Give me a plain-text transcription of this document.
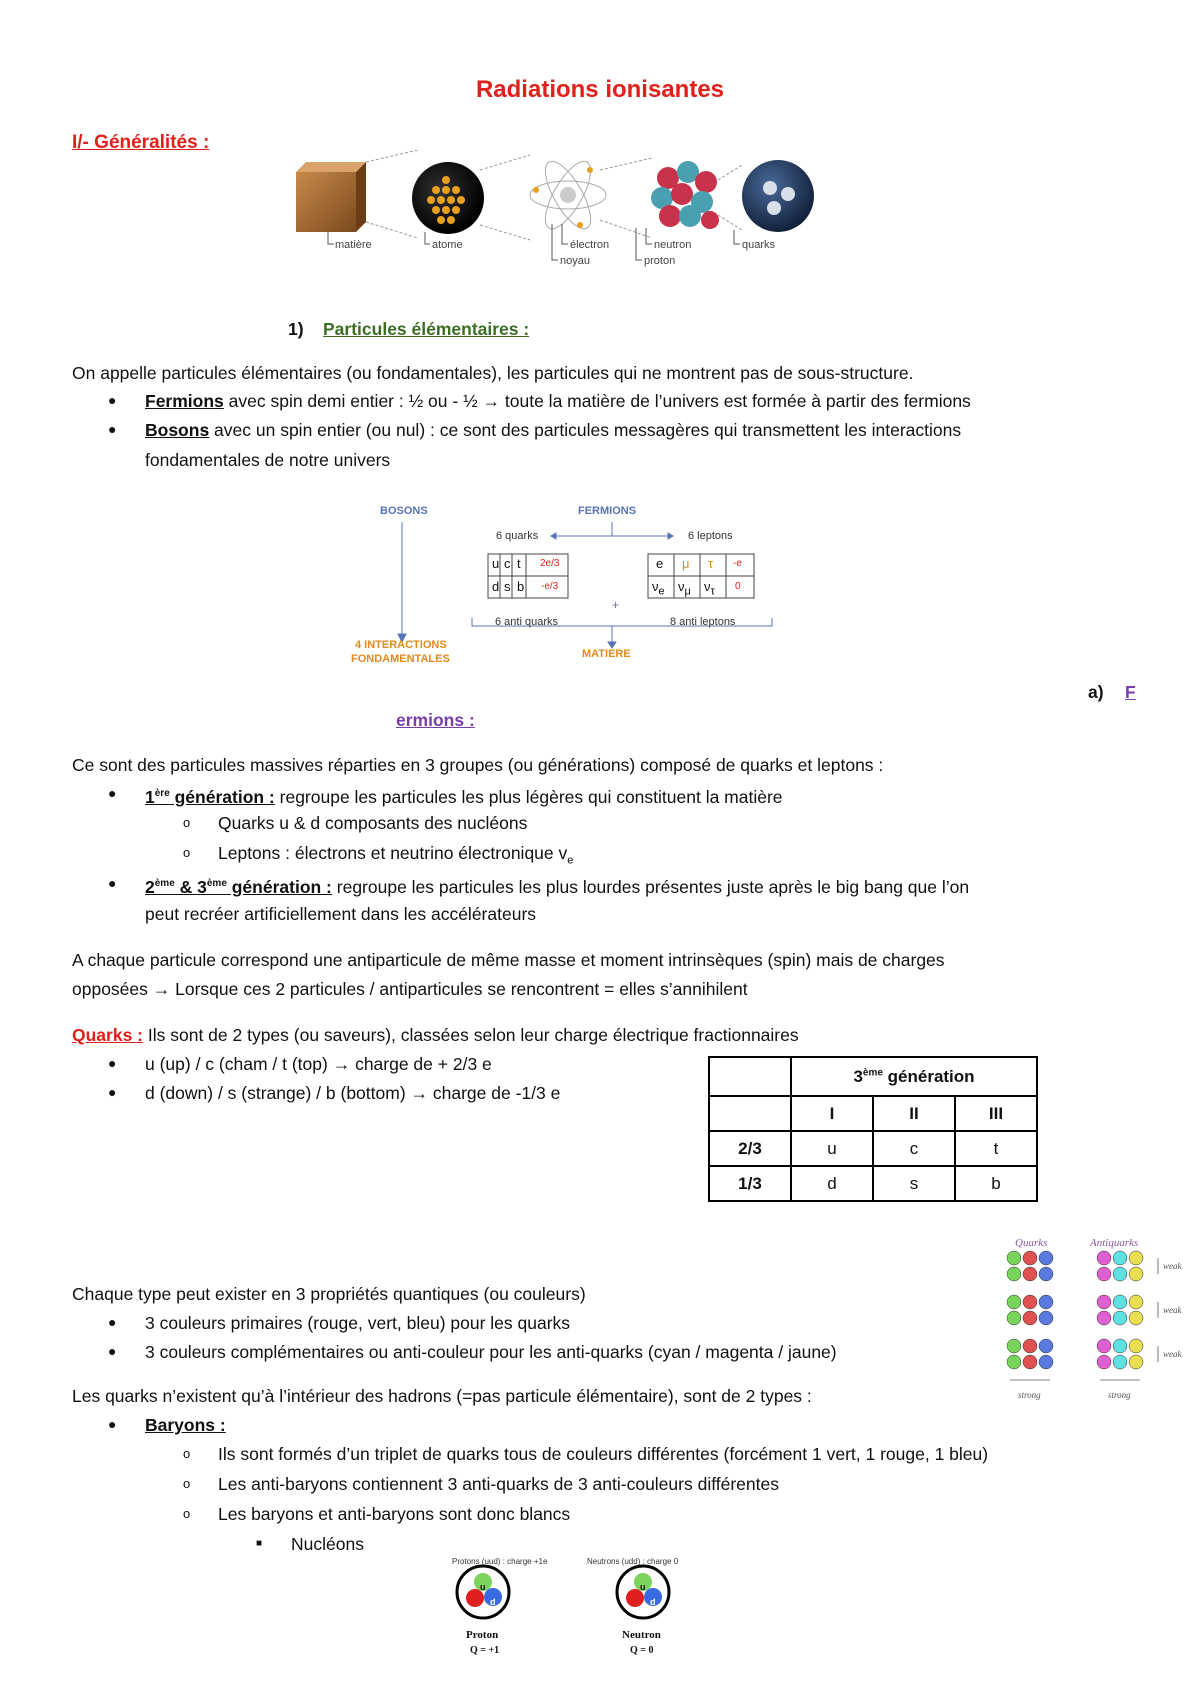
Radiations ionisantes
I/- Généralités :
matière	atome	électron
noyau
neutron
proton
quarks
1) Particules élémentaires :
On appelle particules élémentaires (ou fondamentales), les particules qui ne montrent pas de sous-structure.
● Fermions avec spin demi entier : ½ ou - ½ → toute la matière de l’univers est formée à partir des fermions
● Bosons avec un spin entier (ou nul) : ce sont des particules messagères qui transmettent les interactions
fondamentales de notre univers
BOSONS	FERMIONS
6 quarks	6 leptons
u c t 2e/3
d s b -e/3
e μ τ -e
$\nu_e$ $\nu_\mu$ $\nu_\tau$ 0
+
6 anti quarks	8 anti leptons
4 INTERACTIONS
FONDAMENTALES	MATIERE
a) F
ermions :
Ce sont des particules massives réparties en 3 groupes (ou générations) composé de quarks et leptons :
● 1ère génération : regroupe les particules les plus légères qui constituent la matière
o Quarks u & d composants des nucléons
o Leptons : électrons et neutrino électronique $v_e$
● 2ème & 3ème génération : regroupe les particules les plus lourdes présentes juste après le big bang que l’on
peut recréer artificiellement dans les accélérateurs
A chaque particule correspond une antiparticule de même masse et moment intrinsèques (spin) mais de charges
opposées → Lorsque ces 2 particules / antiparticules se rencontrent = elles s’annihilent
Quarks : Ils sont de 2 types (ou saveurs), classées selon leur charge électrique fractionnaires
● u (up) / c (cham / t (top) → charge de + 2/3 e
● d (down) / s (strange) / b (bottom) → charge de -1/3 e
	3ème génération		
	I	II	III
2/3	u	c	t
1/3	d	s	b
Quarks	Antiquarks
weak
weak
weak
strong	strong
Chaque type peut exister en 3 propriétés quantiques (ou couleurs)
● 3 couleurs primaires (rouge, vert, bleu) pour les quarks
● 3 couleurs complémentaires ou anti-couleur pour les anti-quarks (cyan / magenta / jaune)
Les quarks n’existent qu’à l’intérieur des hadrons (=pas particule élémentaire), sont de 2 types :
● Baryons :
o Ils sont formés d’un triplet de quarks tous de couleurs différentes (forcément 1 vert, 1 rouge, 1 bleu)
o Les anti-baryons contiennent 3 anti-quarks de 3 anti-couleurs différentes
o Les baryons et anti-baryons sont donc blancs
■ Nucléons
Protons (uud) : charge +1e	Neutrons (udd) : charge 0
u
d
u
d
Proton
Q = +1
Neutron
Q = 0
